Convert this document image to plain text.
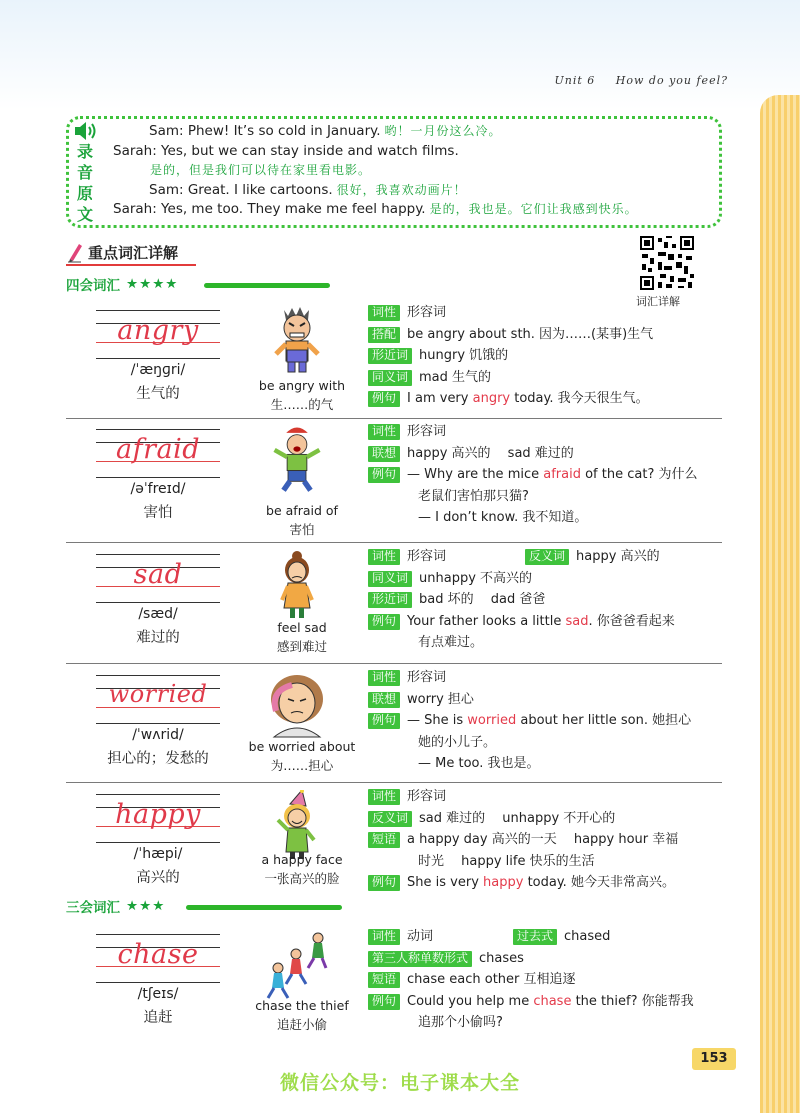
Unit 6 How do you feel?
录音原文
Sam: Phew! It’s so cold in January. 哟！一月份这么冷。
Sarah: Yes, but we can stay inside and watch films.
是的，但是我们可以待在家里看电影。
Sam: Great. I like cartoons. 很好，我喜欢动画片！
Sarah: Yes, me too. They make me feel happy. 是的，我也是。它们让我感到快乐。
重点词汇详解
词汇详解
四会词汇 ★★★★
angry
/ˈæŋɡri/
生气的
be angry with
生……的气
词性 形容词
搭配 be angry about sth. 因为……(某事)生气
形近词 hungry 饥饿的
同义词 mad 生气的
例句 I am very angry today. 我今天很生气。
afraid
/əˈfreɪd/
害怕	be afraid of
害怕
词性 形容词
联想 happy 高兴的　 sad 难过的
例句 — Why are the mice afraid of the cat? 为什么
老鼠们害怕那只猫?
— I don’t know. 我不知道。
sad
/sæd/
难过的
feel sad
感到难过
词性 形容词	反义词 happy 高兴的
同义词 unhappy 不高兴的
形近词 bad 坏的　 dad 爸爸
例句 Your father looks a little sad. 你爸爸看起来
有点难过。
worried
/ˈwʌrid/
担心的；发愁的
be worried about
为……担心
词性 形容词
联想 worry 担心
例句 — She is worried about her little son. 她担心
她的小儿子。
— Me too. 我也是。
happy
/ˈhæpi/
高兴的
a happy face
一张高兴的脸
词性 形容词
反义词 sad 难过的　 unhappy 不开心的
短语 a happy day 高兴的一天　 happy hour 幸福
时光　 happy life 快乐的生活
例句 She is very happy today. 她今天非常高兴。
三会词汇 ★★★
chase
/tʃeɪs/
追赶
chase the thief
追赶小偷
词性 动词	过去式 chased
第三人称单数形式 chases
短语 chase each other 互相追逐
例句 Could you help me chase the thief? 你能帮我
追那个小偷吗?
153
微信公众号：电子课本大全
